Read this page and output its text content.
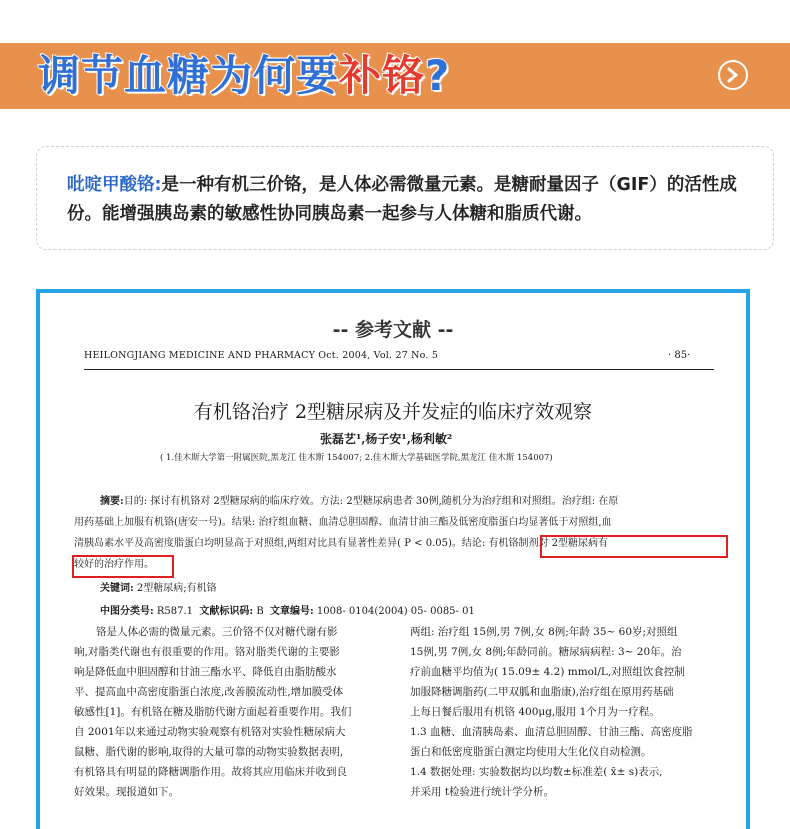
调节血糖为何要补铬?

吡啶甲酸铬:是一种有机三价铬，是人体必需微量元素。是糖耐量因子（GIF）的活性成份。能增强胰岛素的敏感性协同胰岛素一起参与人体糖和脂质代谢。

-- 参考文献 --
HEILONGJIANG MEDICINE AND PHARMACY Oct. 2004, Vol. 27 No. 5	· 85·
有机铬治疗 2型糖尿病及并发症的临床疗效观察
张磊艺¹,杨子安¹,杨利敏²
( 1.佳木斯大学第一附属医院,黑龙江 佳木斯 154007; 2.佳木斯大学基础医学院,黑龙江 佳木斯 154007)
摘要:目的: 探讨有机铬对 2型糖尿病的临床疗效。方法: 2型糖尿病患者 30例,随机分为治疗组和对照组。治疗组: 在原
用药基础上加服有机铬(唐安一号)。结果: 治疗组血糖、血清总胆固醇、血清甘油三酯及低密度脂蛋白均显著低于对照组,血
清胰岛素水平及高密度脂蛋白均明显高于对照组,两组对比具有显著性差异( P < 0.05)。结论: 有机铬制剂对 2型糖尿病有
较好的治疗作用。
关键词: 2型糖尿病;有机铬
中图分类号: R587.1 文献标识码: B 文章编号: 1008- 0104(2004) 05- 0085- 01
铬是人体必需的微量元素。三价铬不仅对糖代谢有影
响,对脂类代谢也有很重要的作用。铬对脂类代谢的主要影
响是降低血中胆固醇和甘油三酯水平、降低自由脂肪酸水
平、提高血中高密度脂蛋白浓度,改善膜流动性,增加膜受体
敏感性[1]。有机铬在糖及脂肪代谢方面起着重要作用。我们
自 2001年以来通过动物实验观察有机铬对实验性糖尿病大
鼠糖、脂代谢的影响,取得的大量可靠的动物实验数据表明,
有机铬具有明显的降糖调脂作用。故将其应用临床并收到良
好效果。现报道如下。
两组: 治疗组 15例,男 7例,女 8例;年龄 35~ 60岁;对照组
15例,男 7例,女 8例;年龄同前。糖尿病病程: 3~ 20年。治
疗前血糖平均值为( 15.09± 4.2) mmol/L,对照组饮食控制
加服降糖调脂药(二甲双胍和血脂康),治疗组在原用药基础
上每日餐后服用有机铬 400μg,服用 1个月为一疗程。
1.3 血糖、血清胰岛素、血清总胆固醇、甘油三酯、高密度脂
蛋白和低密度脂蛋白测定均使用大生化仪自动检测。
1.4 数据处理: 实验数据均以均数±标准差( x̄± s)表示,
并采用 t检验进行统计学分析。
